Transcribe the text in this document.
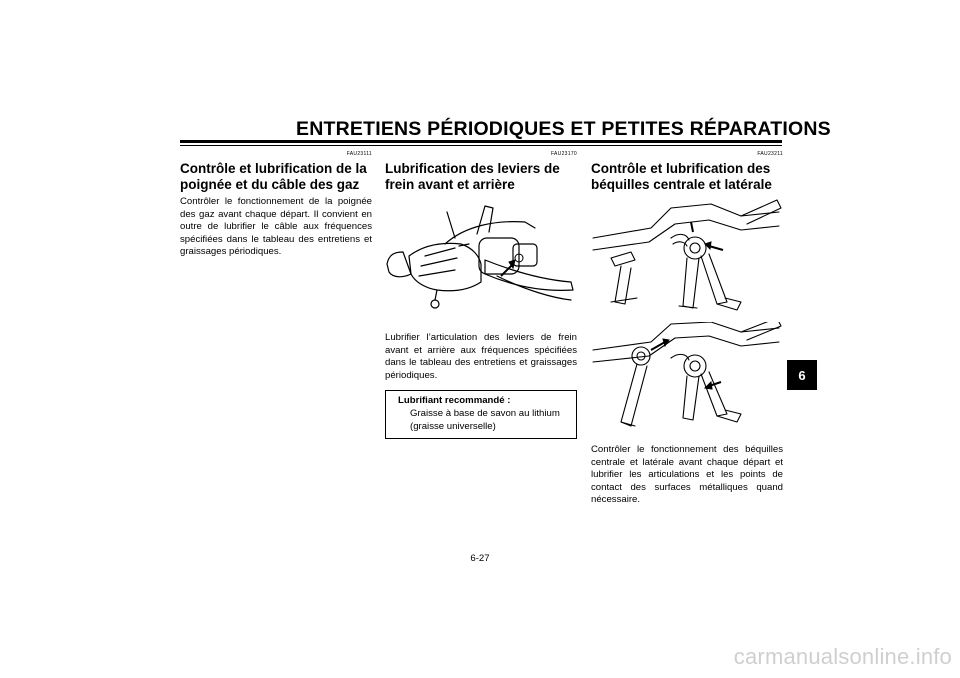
ENTRETIENS PÉRIODIQUES ET PETITES RÉPARATIONS
FAU23111
Contrôle et lubrification de la poignée et du câble des gaz
Contrôler le fonctionnement de la poignée des gaz avant chaque départ. Il convient en outre de lubrifier le câble aux fréquences spécifiées dans le tableau des entretiens et graissages périodiques.
FAU23170
Lubrification des leviers de frein avant et arrière
Lubrifier l’articulation des leviers de frein avant et arrière aux fréquences spécifiées dans le tableau des entretiens et graissages périodiques.
Lubrifiant recommandé :
Graisse à base de savon au lithium (graisse universelle)
FAU23211
Contrôle et lubrification des béquilles centrale et latérale
Contrôler le fonctionnement des béquilles centrale et latérale avant chaque départ et lubrifier les articulations et les points de contact des surfaces métalliques quand nécessaire.
6
6-27
carmanualsonline.info
